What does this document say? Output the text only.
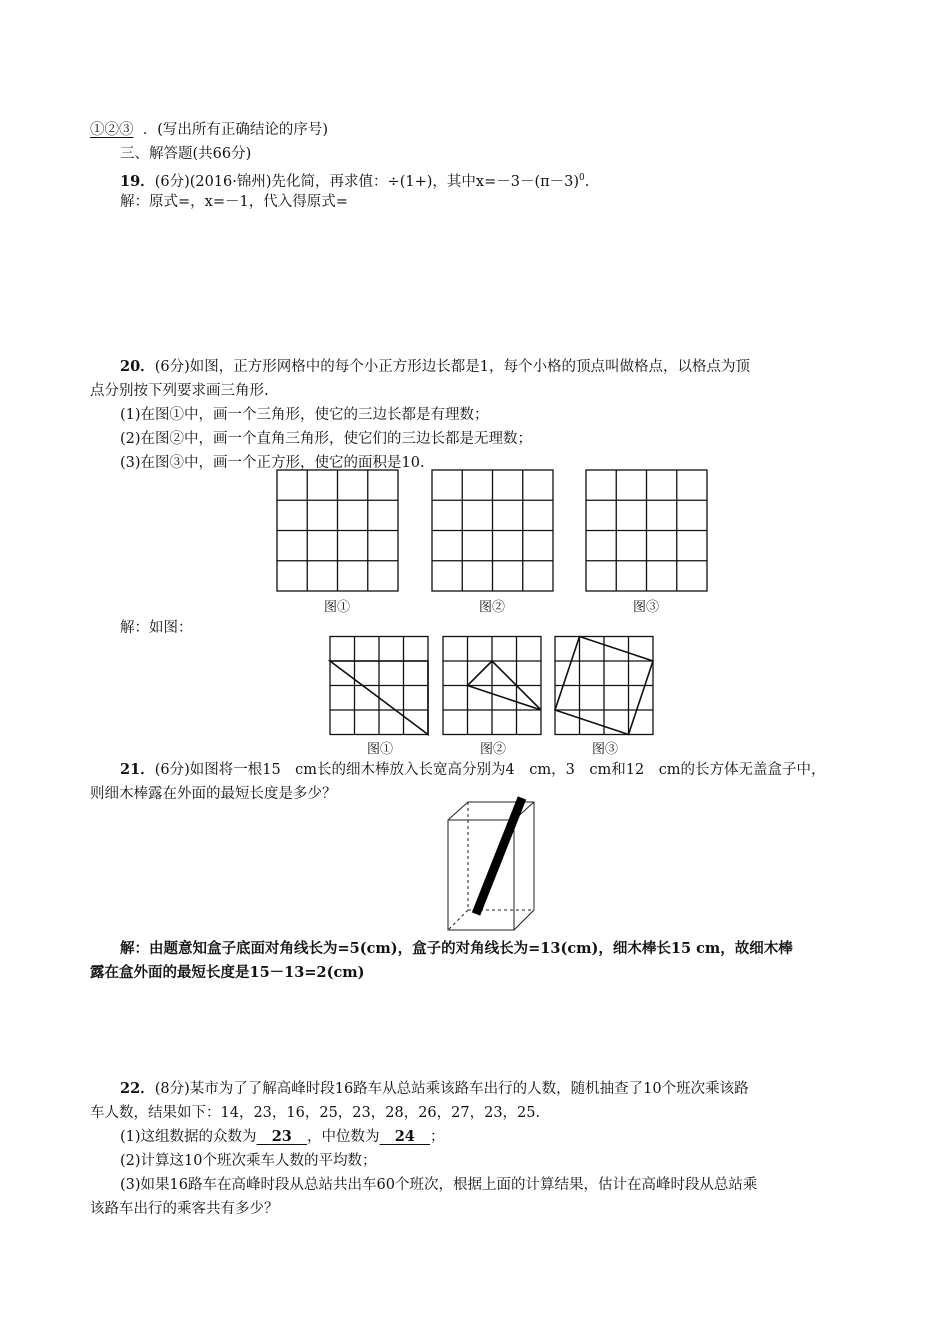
①②③ ．(写出所有正确结论的序号)
三、解答题(共66分)
19．(6分)(2016·锦州)先化简，再求值：÷(1+)，其中$x=-3-(\pi-3)^0$.
解：原式=，x=－1，代入得原式=
20．(6分)如图，正方形网格中的每个小正方形边长都是1，每个小格的顶点叫做格点，以格点为顶
点分别按下列要求画三角形.
(1)在图①中，画一个三角形，使它的三边长都是有理数；
(2)在图②中，画一个直角三角形，使它们的三边长都是无理数；
(3)在图③中，画一个正方形，使它的面积是10.
图①	图②	图③
解：如图：
图①	图②	图③
21．(6分)如图将一根15　cm长的细木棒放入长宽高分别为4　cm，3　cm和12　cm的长方体无盖盒子中，
则细木棒露在外面的最短长度是多少？
解：由题意知盒子底面对角线长为=5(cm)，盒子的对角线长为=13(cm)，细木棒长15 cm，故细木棒
露在盒外面的最短长度是15－13=2(cm)
22．(8分)某市为了了解高峰时段16路车从总站乘该路车出行的人数，随机抽查了10个班次乘该路
车人数，结果如下：14，23，16，25，23，28，26，27，23，25.
(1)这组数据的众数为 23 ，中位数为 24 ；
(2)计算这10个班次乘车人数的平均数；
(3)如果16路车在高峰时段从总站共出车60个班次，根据上面的计算结果，估计在高峰时段从总站乘
该路车出行的乘客共有多少？
